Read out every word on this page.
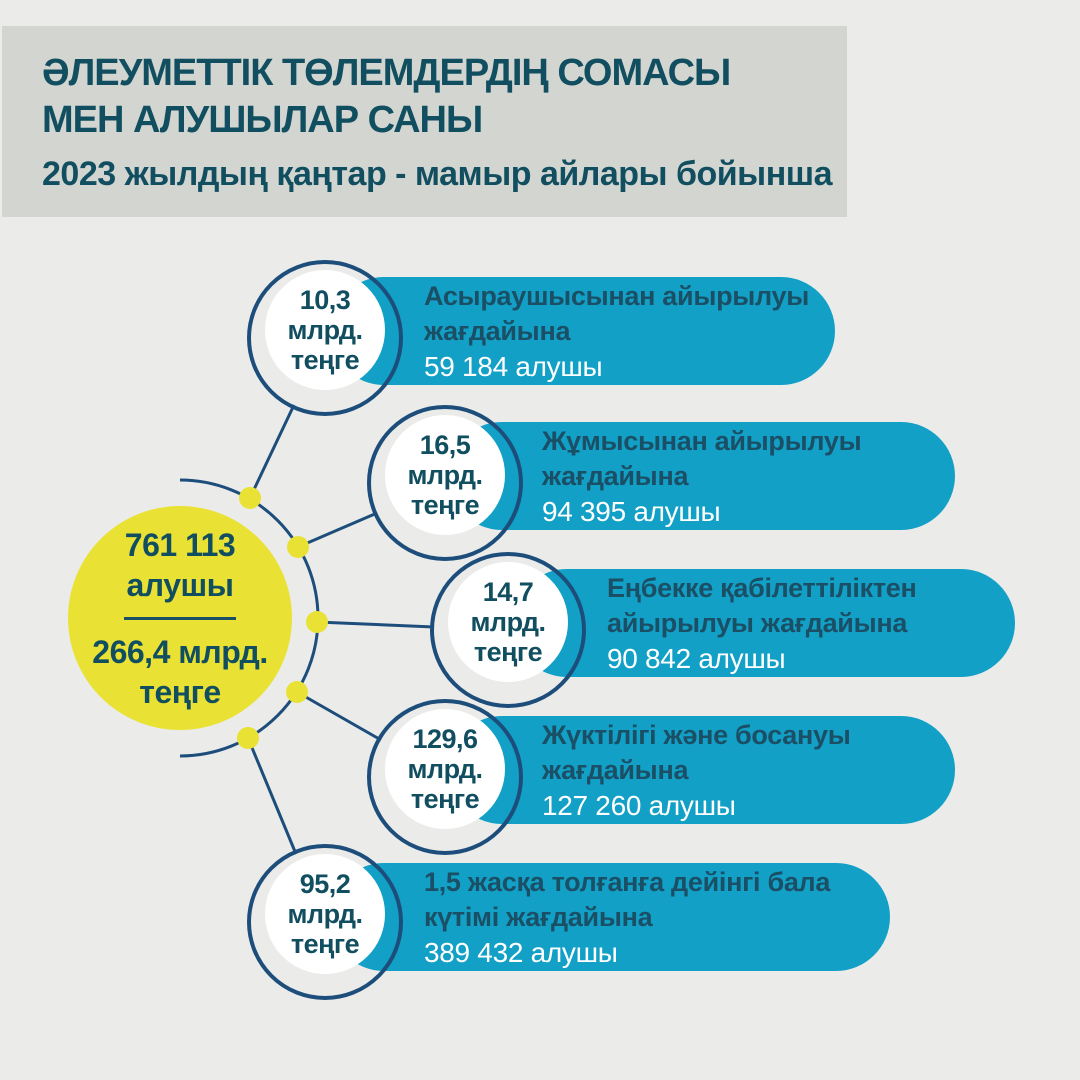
ӘЛЕУМЕТТІК ТӨЛЕМДЕРДІҢ СОМАСЫ
МЕН АЛУШЫЛАР САНЫ
2023 жылдың қаңтар - мамыр айлары бойынша
761 113
алушы
266,4 млрд.
теңге
Асыраушысынан айырылуы
жағдайына
59 184 алушы
10,3
млрд.
теңге
Жұмысынан айырылуы
жағдайына
94 395 алушы
16,5
млрд.
теңге
Еңбекке қабілеттіліктен
айырылуы жағдайына
90 842 алушы
14,7
млрд.
теңге
Жүктілігі және босануы
жағдайына
127 260 алушы
129,6
млрд.
теңге
1,5 жасқа толғанға дейінгі бала
күтімі жағдайына
389 432 алушы
95,2
млрд.
теңге
